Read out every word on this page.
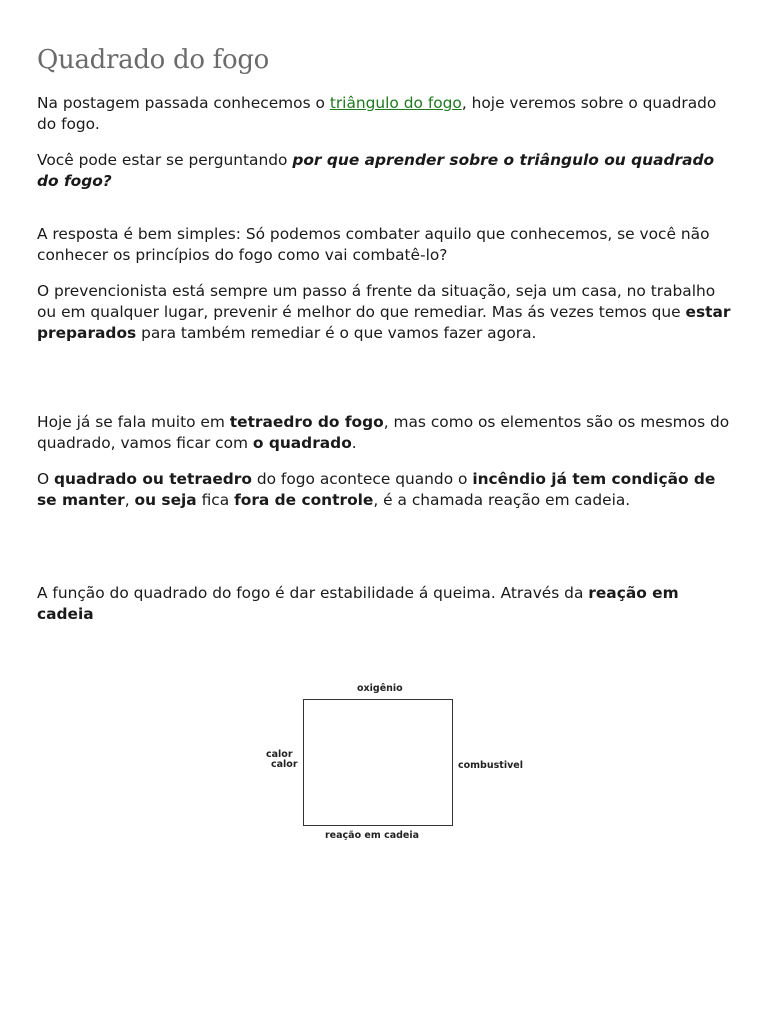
Quadrado do fogo

Na postagem passada conhecemos o triângulo do fogo, hoje veremos sobre o quadrado do fogo.

Você pode estar se perguntando por que aprender sobre o triângulo ou quadrado do fogo?

A resposta é bem simples: Só podemos combater aquilo que conhecemos, se você não conhecer os princípios do fogo como vai combatê-lo?

O prevencionista está sempre um passo á frente da situação, seja um casa, no trabalho ou em qualquer lugar, prevenir é melhor do que remediar. Mas ás vezes temos que estar preparados para também remediar é o que vamos fazer agora.

Hoje já se fala muito em tetraedro do fogo, mas como os elementos são os mesmos do quadrado, vamos ficar com o quadrado.

O quadrado ou tetraedro do fogo acontece quando o incêndio já tem condição de se manter, ou seja fica fora de controle, é a chamada reação em cadeia.

A função do quadrado do fogo é dar estabilidade á queima. Através da reação em cadeia

oxigênio
calor
calor	combustivel
reação em cadeia
